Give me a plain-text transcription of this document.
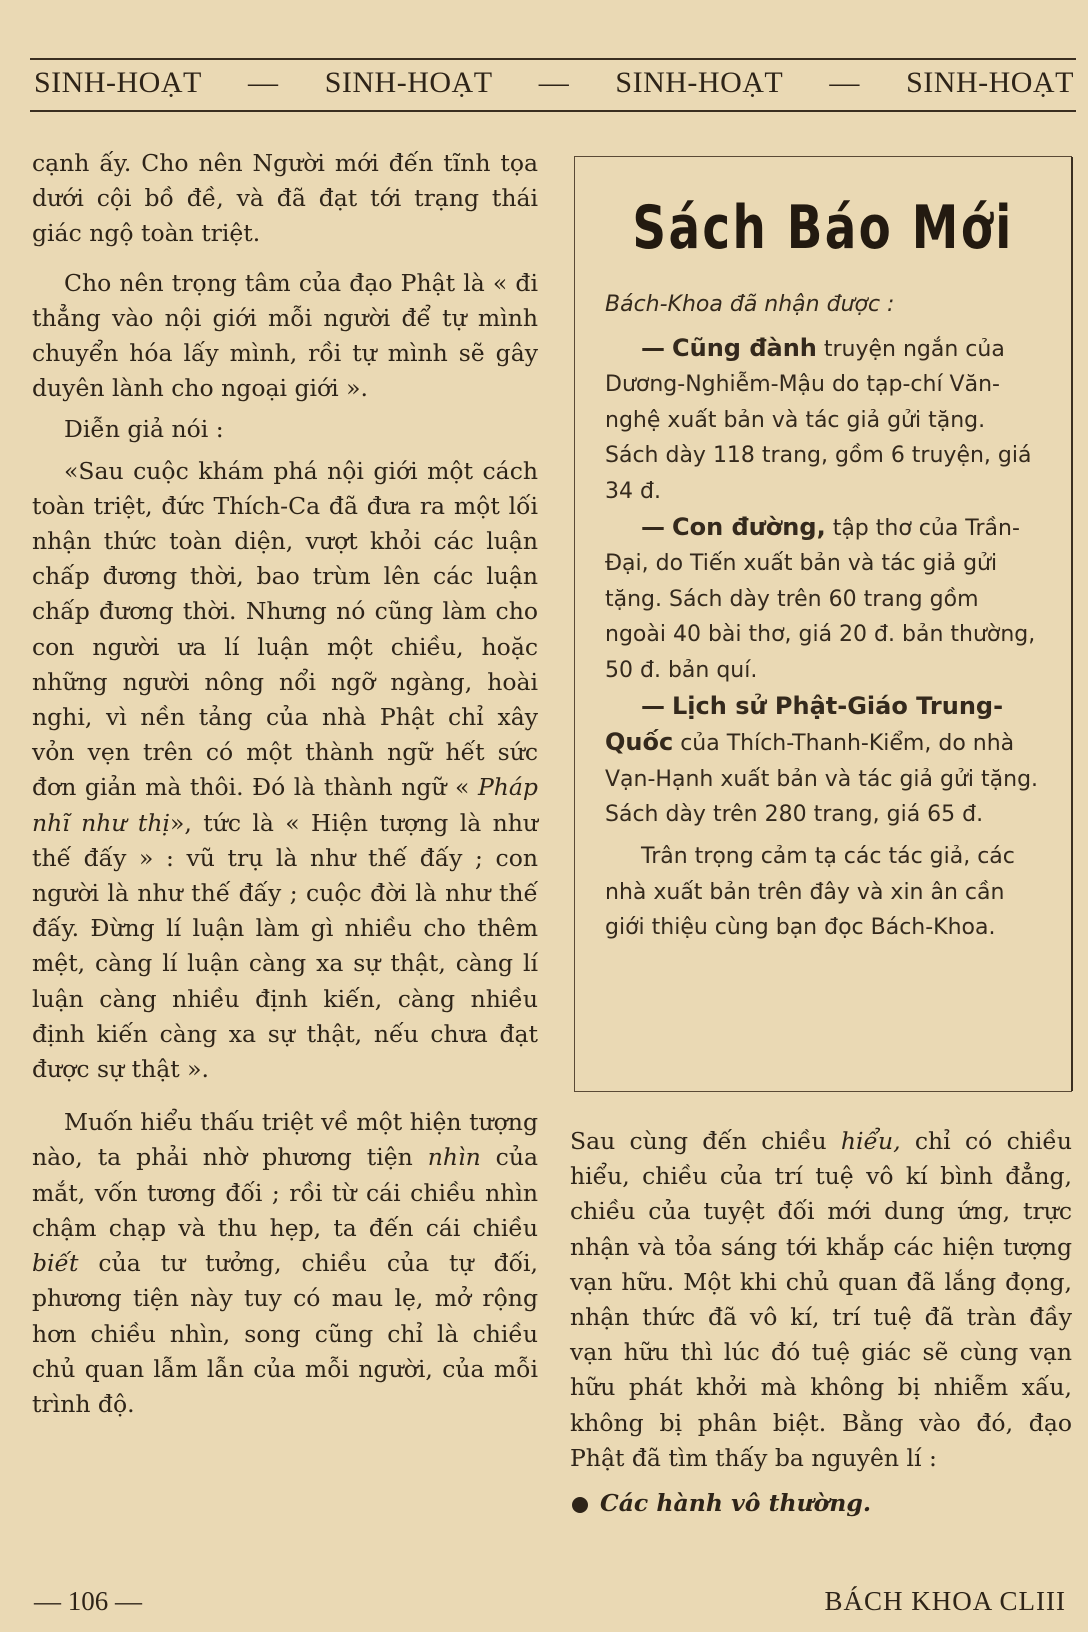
SINH-HOẠT — SINH-HOẠT — SINH-HOẠT — SINH-HOẠT

cạnh ấy. Cho nên Người mới đến tĩnh tọa dưới cội bồ đề, và đã đạt tới trạng thái giác ngộ toàn triệt.

Cho nên trọng tâm của đạo Phật là « đi thẳng vào nội giới mỗi người để tự mình chuyển hóa lấy mình, rồi tự mình sẽ gây duyên lành cho ngoại giới ».

Diễn giả nói :

«Sau cuộc khám phá nội giới một cách toàn triệt, đức Thích-Ca đã đưa ra một lối nhận thức toàn diện, vượt khỏi các luận chấp đương thời, bao trùm lên các luận chấp đương thời. Nhưng nó cũng làm cho con người ưa lí luận một chiều, hoặc những người nông nổi ngỡ ngàng, hoài nghi, vì nền tảng của nhà Phật chỉ xây vỏn vẹn trên có một thành ngữ hết sức đơn giản mà thôi. Đó là thành ngữ « Pháp nhĩ như thị», tức là « Hiện tượng là như thế đấy » : vũ trụ là như thế đấy ; con người là như thế đấy ; cuộc đời là như thế đấy. Đừng lí luận làm gì nhiều cho thêm mệt, càng lí luận càng xa sự thật, càng lí luận càng nhiều định kiến, càng nhiều định kiến càng xa sự thật, nếu chưa đạt được sự thật ».

Muốn hiểu thấu triệt về một hiện tượng nào, ta phải nhờ phương tiện nhìn của mắt, vốn tương đối ; rồi từ cái chiều nhìn chậm chạp và thu hẹp, ta đến cái chiều biết của tư tưởng, chiều của tự đối, phương tiện này tuy có mau lẹ, mở rộng hơn chiều nhìn, song cũng chỉ là chiều chủ quan lẫm lẫn của mỗi người, của mỗi trình độ.

Sách Báo Mới

Bách-Khoa đã nhận được :

— Cũng đành truyện ngắn của Dương-Nghiễm-Mậu do tạp-chí Văn-nghệ xuất bản và tác giả gửi tặng. Sách dày 118 trang, gồm 6 truyện, giá 34 đ.

— Con đường, tập thơ của Trần-Đại, do Tiến xuất bản và tác giả gửi tặng. Sách dày trên 60 trang gồm ngoài 40 bài thơ, giá 20 đ. bản thường, 50 đ. bản quí.

— Lịch sử Phật-Giáo Trung-Quốc của Thích-Thanh-Kiểm, do nhà Vạn-Hạnh xuất bản và tác giả gửi tặng. Sách dày trên 280 trang, giá 65 đ.

Trân trọng cảm tạ các tác giả, các nhà xuất bản trên đây và xin ân cần giới thiệu cùng bạn đọc Bách-Khoa.

Sau cùng đến chiều hiểu, chỉ có chiều hiểu, chiều của trí tuệ vô kí bình đẳng, chiều của tuyệt đối mới dung ứng, trực nhận và tỏa sáng tới khắp các hiện tượng vạn hữu. Một khi chủ quan đã lắng đọng, nhận thức đã vô kí, trí tuệ đã tràn đầy vạn hữu thì lúc đó tuệ giác sẽ cùng vạn hữu phát khởi mà không bị nhiễm xấu, không bị phân biệt. Bằng vào đó, đạo Phật đã tìm thấy ba nguyên lí :

Các hành vô thường.

— 106 —	BÁCH KHOA CLIII
